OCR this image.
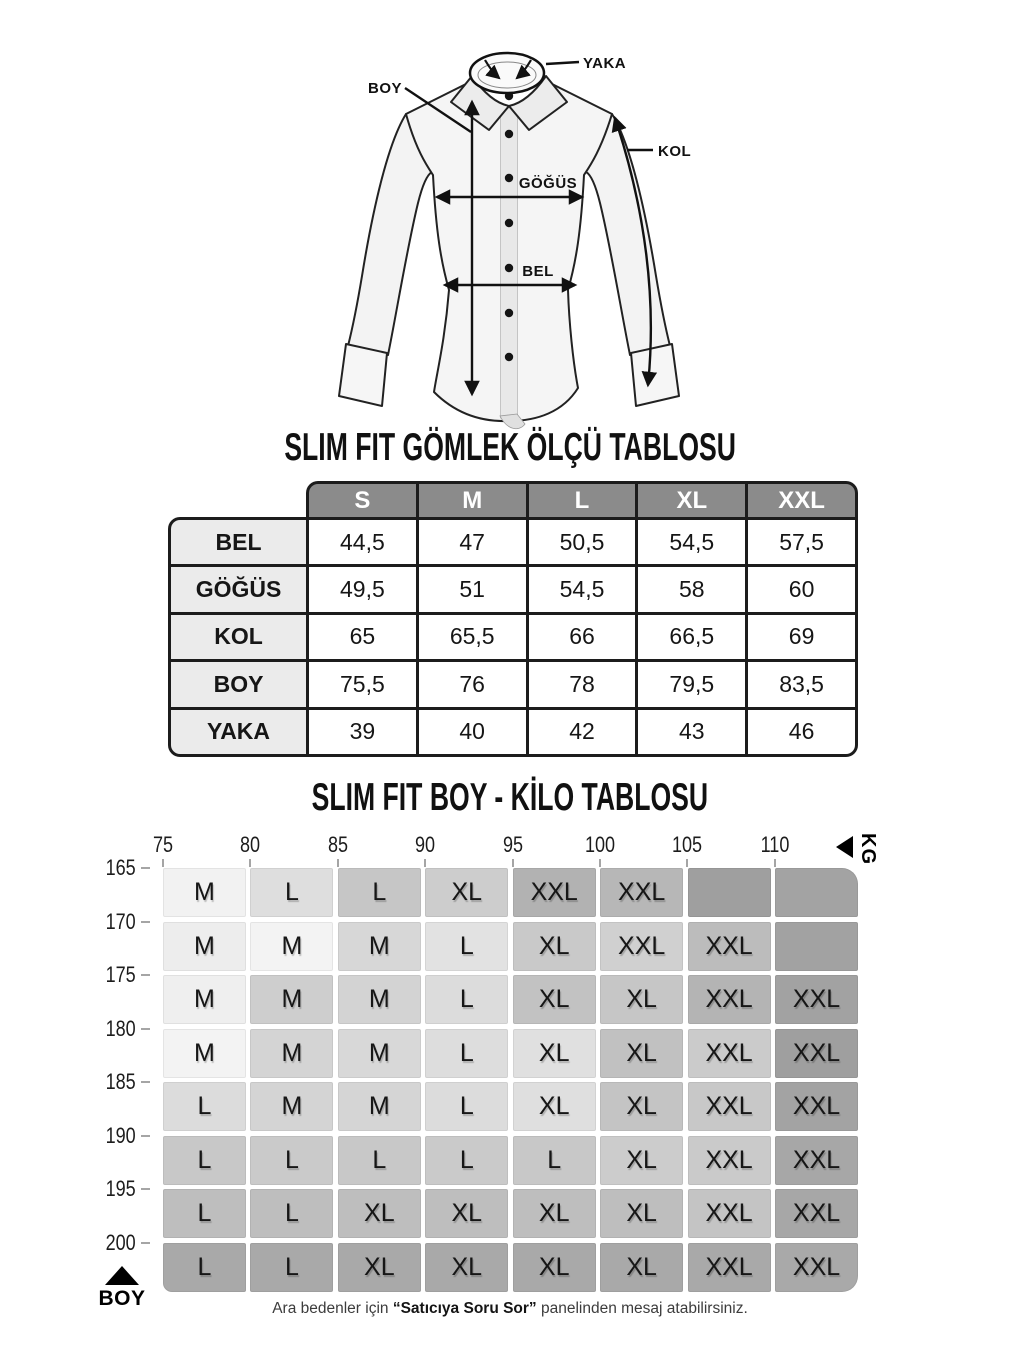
BOY
GÖĞÜS
BEL
KOL
YAKA
SLIM FIT GÖMLEK ÖLÇÜ TABLOSU
S	M	L	XL	XXL
BEL	44,5	47	50,5	54,5	57,5
GÖĞÜS	49,5	51	54,5	58	60
KOL	65	65,5	66	66,5	69
BOY	75,5	76	78	79,5	83,5
YAKA	39	40	42	43	46
SLIM FIT BOY - KİLO TABLOSU
75	80	85	90	95	100	105	110	KG
165
170
175
180
185
190
195
200
M	L	L	XL	XXL	XXL
M	M	M	L	XL	XXL	XXL
M	M	M	L	XL	XL	XXL	XXL
M	M	M	L	XL	XL	XXL	XXL
L	M	M	L	XL	XL	XXL	XXL
L	L	L	L	L	XL	XXL	XXL
L	L	XL	XL	XL	XL	XXL	XXL
L	L	XL	XL	XL	XL	XXL	XXL
BOY	Ara bedenler için “Satıcıya Soru Sor” panelinden mesaj atabilirsiniz.
